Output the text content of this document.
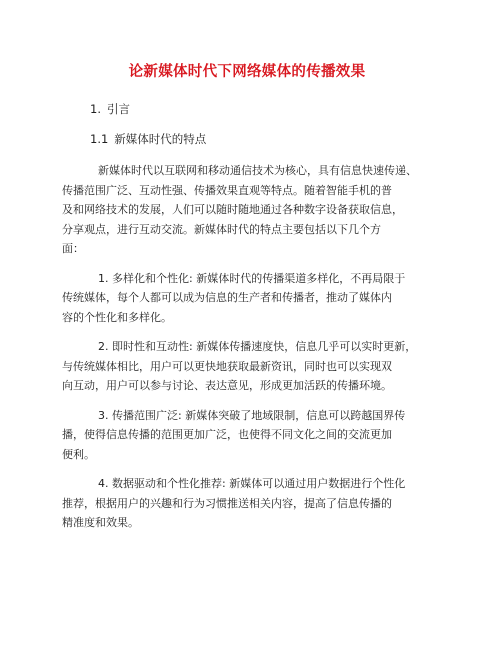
论新媒体时代下网络媒体的传播效果
1. 引言
1.1 新媒体时代的特点
新媒体时代以互联网和移动通信技术为核心，具有信息快速传递、
传播范围广泛、互动性强、传播效果直观等特点。随着智能手机的普
及和网络技术的发展，人们可以随时随地通过各种数字设备获取信息，
分享观点，进行互动交流。新媒体时代的特点主要包括以下几个方
面：
1. 多样化和个性化: 新媒体时代的传播渠道多样化，不再局限于
传统媒体，每个人都可以成为信息的生产者和传播者，推动了媒体内
容的个性化和多样化。
2. 即时性和互动性: 新媒体传播速度快，信息几乎可以实时更新，
与传统媒体相比，用户可以更快地获取最新资讯，同时也可以实现双
向互动，用户可以参与讨论、表达意见，形成更加活跃的传播环境。
3. 传播范围广泛: 新媒体突破了地域限制，信息可以跨越国界传
播，使得信息传播的范围更加广泛，也使得不同文化之间的交流更加
便利。
4. 数据驱动和个性化推荐: 新媒体可以通过用户数据进行个性化
推荐，根据用户的兴趣和行为习惯推送相关内容，提高了信息传播的
精准度和效果。
